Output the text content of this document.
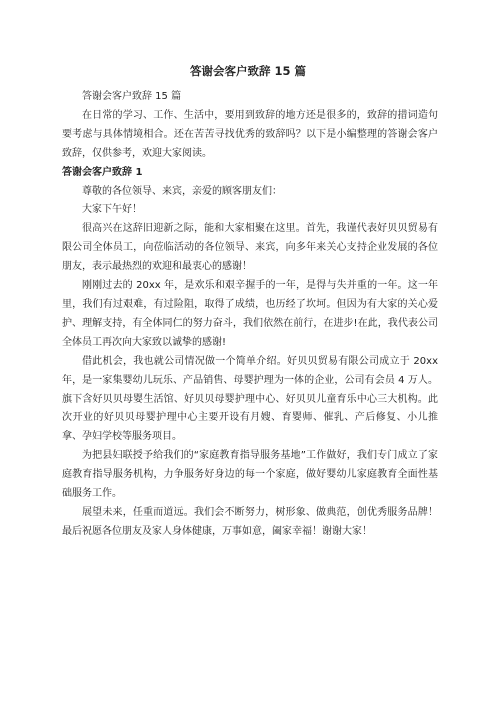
答谢会客户致辞 15 篇

答谢会客户致辞 15 篇

在日常的学习、工作、生活中，要用到致辞的地方还是很多的，致辞的措词造句要考虑与具体情境相合。还在苦苦寻找优秀的致辞吗？以下是小编整理的答谢会客户致辞，仅供参考，欢迎大家阅读。

答谢会客户致辞 1

尊敬的各位领导、来宾，亲爱的顾客朋友们：

大家下午好！

很高兴在这辞旧迎新之际，能和大家相聚在这里。首先，我谨代表好贝贝贸易有限公司全体员工，向莅临活动的各位领导、来宾，向多年来关心支持企业发展的各位朋友，表示最热烈的欢迎和最衷心的感谢！

刚刚过去的 20xx 年，是欢乐和艰辛握手的一年，是得与失并重的一年。这一年里，我们有过艰难，有过险阻，取得了成绩，也历经了坎坷。但因为有大家的关心爱护、理解支持，有全体同仁的努力奋斗，我们依然在前行，在进步!在此，我代表公司全体员工再次向大家致以诚挚的感谢!

借此机会，我也就公司情况做一个简单介绍。好贝贝贸易有限公司成立于 20xx 年，是一家集婴幼儿玩乐、产品销售、母婴护理为一体的企业，公司有会员 4 万人。旗下含好贝贝母婴生活馆、好贝贝母婴护理中心、好贝贝儿童育乐中心三大机构。此次开业的好贝贝母婴护理中心主要开设有月嫂、育婴师、催乳、产后修复、小儿推拿、孕妇学校等服务项目。

为把县妇联授予给我们的“家庭教育指导服务基地”工作做好，我们专门成立了家庭教育指导服务机构，力争服务好身边的每一个家庭，做好婴幼儿家庭教育全面性基础服务工作。

展望未来，任重而道远。我们会不断努力，树形象、做典范，创优秀服务品牌！最后祝愿各位朋友及家人身体健康，万事如意，阖家幸福！谢谢大家！
